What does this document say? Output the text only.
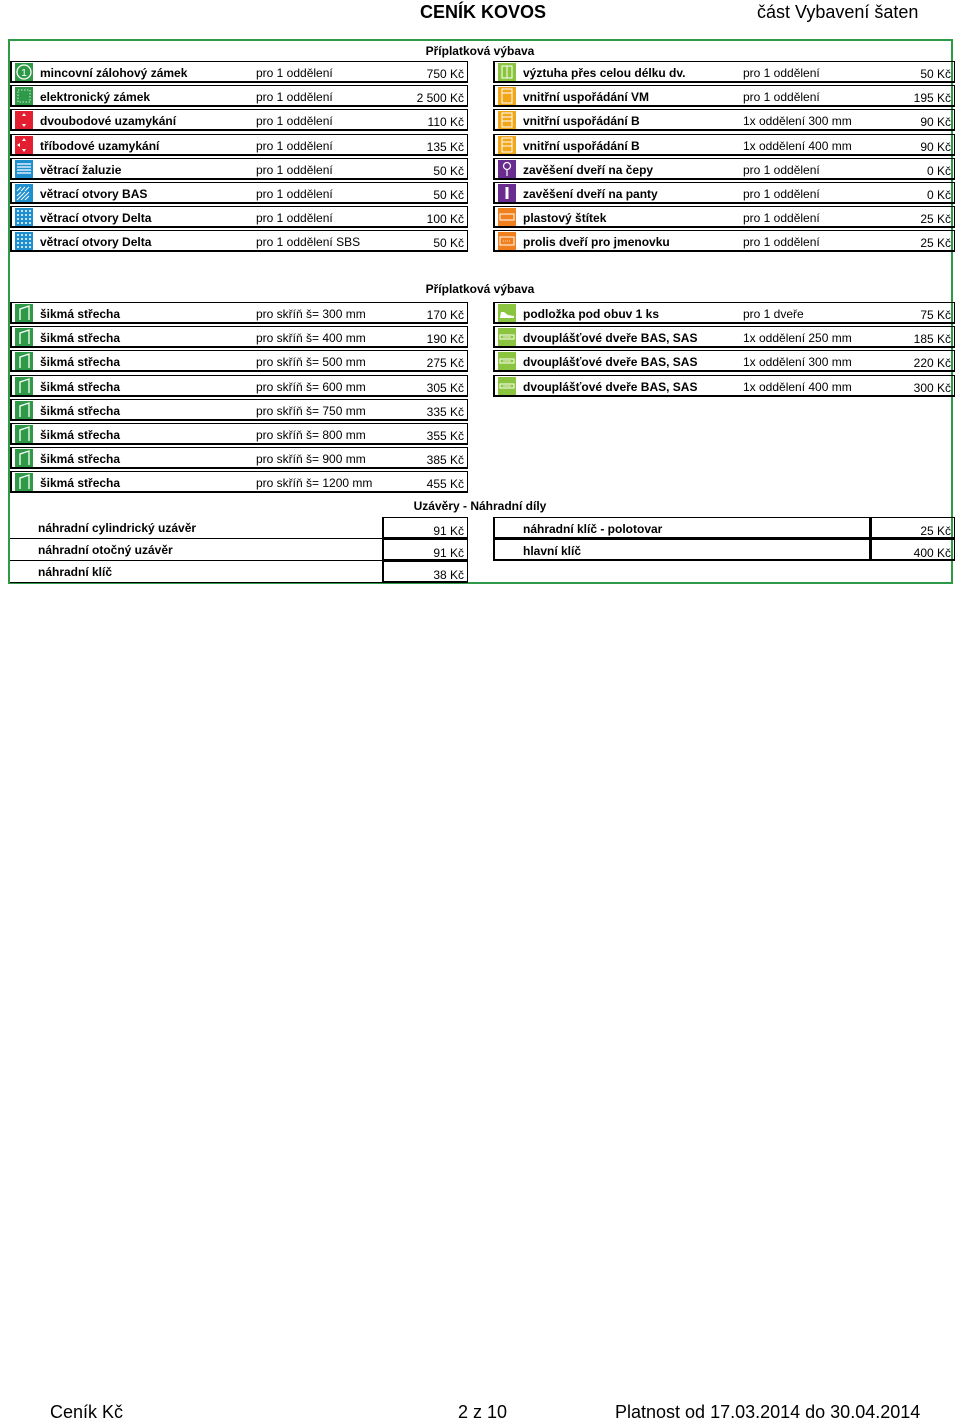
CENÍK KOVOS	část Vybavení šaten
Příplatková výbava
Příplatková výbava
Uzávěry - Náhradní díly
1 mincovní zálohový zámek	pro 1 oddělení	750 Kč
elektronický zámek	pro 1 oddělení	2 500 Kč
dvoubodové uzamykání	pro 1 oddělení	110 Kč
tříbodové uzamykání	pro 1 oddělení	135 Kč
větrací žaluzie	pro 1 oddělení	50 Kč
větrací otvory BAS	pro 1 oddělení	50 Kč
větrací otvory Delta	pro 1 oddělení	100 Kč
větrací otvory Delta	pro 1 oddělení SBS	50 Kč
výztuha přes celou délku dv.	pro 1 oddělení	50 Kč
vnitřní uspořádání VM	pro 1 oddělení	195 Kč
vnitřní uspořádání B	1x oddělení 300 mm	90 Kč
vnitřní uspořádání B	1x oddělení 400 mm	90 Kč
zavěšení dveří na čepy	pro 1 oddělení	0 Kč
zavěšení dveří na panty	pro 1 oddělení	0 Kč
plastový štítek	pro 1 oddělení	25 Kč
prolis dveří pro jmenovku	pro 1 oddělení	25 Kč
šikmá střecha	pro skříň š= 300 mm	170 Kč
šikmá střecha	pro skříň š= 400 mm	190 Kč
šikmá střecha	pro skříň š= 500 mm	275 Kč
šikmá střecha	pro skříň š= 600 mm	305 Kč
šikmá střecha	pro skříň š= 750 mm	335 Kč
šikmá střecha	pro skříň š= 800 mm	355 Kč
šikmá střecha	pro skříň š= 900 mm	385 Kč
šikmá střecha	pro skříň š= 1200 mm	455 Kč
podložka pod obuv 1 ks	pro 1 dveře	75 Kč
dvouplášťové dveře BAS, SAS	1x oddělení 250 mm	185 Kč
dvouplášťové dveře BAS, SAS	1x oddělení 300 mm	220 Kč
dvouplášťové dveře BAS, SAS	1x oddělení 400 mm	300 Kč
náhradní cylindrický uzávěr	91 Kč
náhradní otočný uzávěr	91 Kč
náhradní klíč	38 Kč
náhradní klíč - polotovar	25 Kč
hlavní klíč	400 Kč
Ceník Kč	2 z 10	Platnost od 17.03.2014 do 30.04.2014
